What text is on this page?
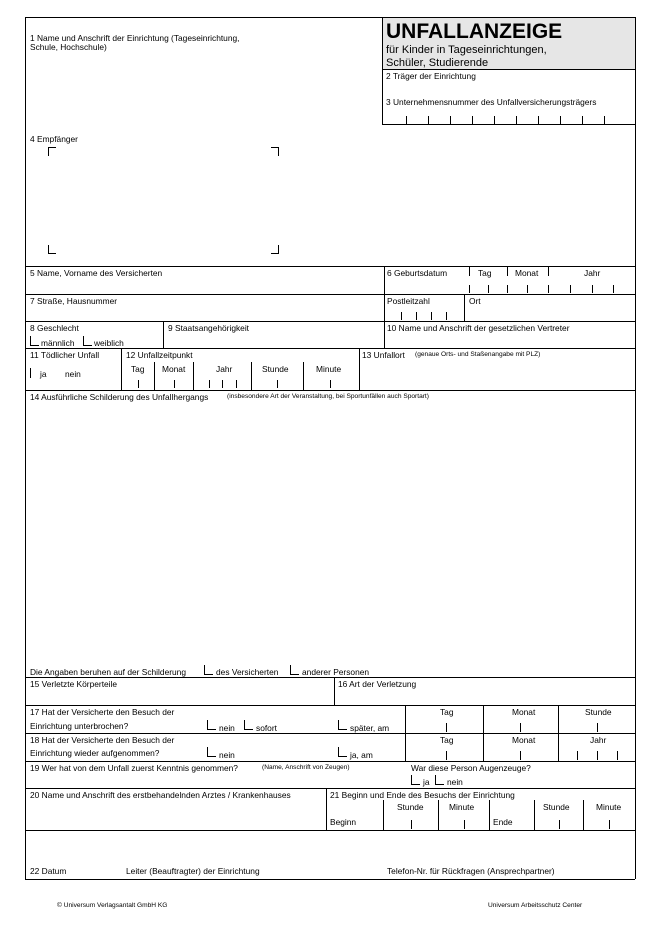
UNFALLANZEIGE
für Kinder in Tageseinrichtungen,
Schüler, Studierende
1 Name und Anschrift der Einrichtung (Tageseinrichtung,
Schule, Hochschule)
2 Träger der Einrichtung
3 Unternehmensnummer des Unfallversicherungsträgers
4 Empfänger
5 Name, Vorname des Versicherten	6 Geburtsdatum	Tag	Monat	Jahr
7 Straße, Hausnummer	Postleitzahl	Ort
8 Geschlecht
männlich weiblich
9 Staatsangehörigkeit	10 Name und Anschrift der gesetzlichen Vertreter
11 Tödlicher Unfall
ja nein
12 Unfallzeitpunkt
Tag Monat	Jahr	Stunde	Minute
13 Unfallort (genaue Orts- und Staßenangabe mit PLZ)
14 Ausführliche Schilderung des Unfallhergangs	(insbesondere Art der Veranstaltung, bei Sportunfällen auch Sportart)
Die Angaben beruhen auf der Schilderung	des Versicherten	anderer Personen
15 Verletzte Körperteile	16 Art der Verletzung
17 Hat der Versicherte den Besuch der
Einrichtung unterbrochen?	nein	sofort	später, am
Tag	Monat	Stunde
18 Hat der Versicherte den Besuch der
Einrichtung wieder aufgenommen?	nein	ja, am
Tag	Monat	Jahr
19 Wer hat von dem Unfall zuerst Kenntnis genommen?	(Name, Anschrift von Zeugen)	War diese Person Augenzeuge?
ja nein
20 Name und Anschrift des erstbehandelnden Arztes / Krankenhauses	21 Beginn und Ende des Besuchs der Einrichtung
Beginn	Ende
Stunde	Minute	Stunde	Minute
22 Datum	Leiter (Beauftragter) der Einrichtung	Telefon-Nr. für Rückfragen (Ansprechpartner)
© Universum Verlagsantalt GmbH KG	Universum Arbeitsschutz Center
